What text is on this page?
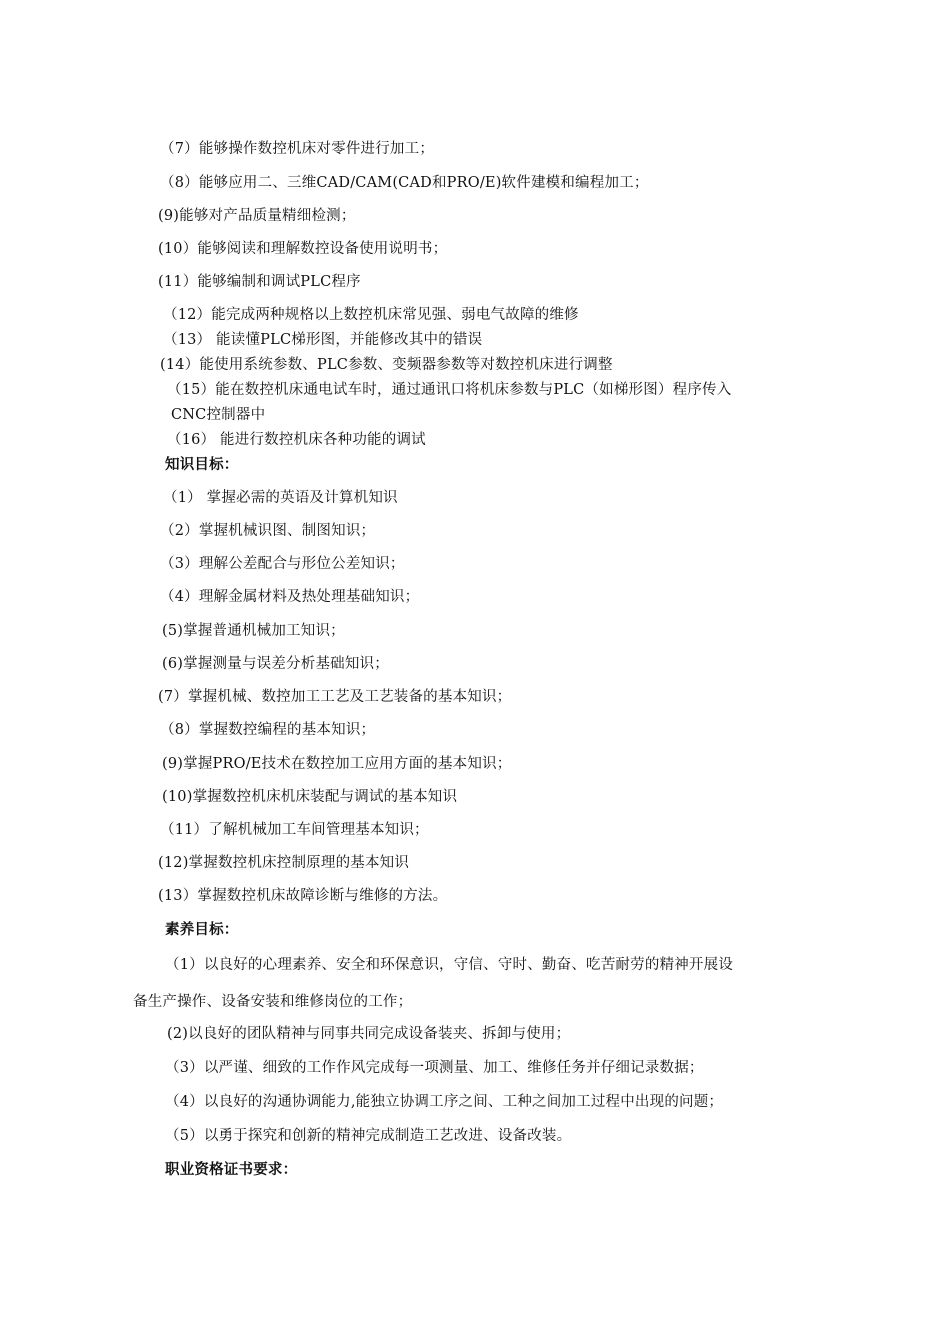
（7）能够操作数控机床对零件进行加工；
（8）能够应用二、三维CAD/CAM(CAD和PRO/E)软件建模和编程加工；
(9)能够对产品质量精细检测；
(10）能够阅读和理解数控设备使用说明书；
(11）能够编制和调试PLC程序
（12）能完成两种规格以上数控机床常见强、弱电气故障的维修
（13） 能读懂PLC梯形图，并能修改其中的错误
(14）能使用系统参数、PLC参数、变频器参数等对数控机床进行调整
（15）能在数控机床通电试车时，通过通讯口将机床参数与PLC（如梯形图）程序传入
CNC控制器中
（16） 能进行数控机床各种功能的调试
知识目标：
（1） 掌握必需的英语及计算机知识
（2）掌握机械识图、制图知识；
（3）理解公差配合与形位公差知识；
（4）理解金属材料及热处理基础知识；
(5)掌握普通机械加工知识；
(6)掌握测量与误差分析基础知识；
(7）掌握机械、数控加工工艺及工艺装备的基本知识；
（8）掌握数控编程的基本知识；
(9)掌握PRO/E技术在数控加工应用方面的基本知识；
(10)掌握数控机床机床装配与调试的基本知识
（11）了解机械加工车间管理基本知识；
(12)掌握数控机床控制原理的基本知识
(13）掌握数控机床故障诊断与维修的方法。
素养目标：
（1）以良好的心理素养、安全和环保意识，守信、守时、勤奋、吃苦耐劳的精神开展设
备生产操作、设备安装和维修岗位的工作；
(2)以良好的团队精神与同事共同完成设备装夹、拆卸与使用；
（3）以严谨、细致的工作作风完成每一项测量、加工、维修任务并仔细记录数据；
（4）以良好的沟通协调能力,能独立协调工序之间、工种之间加工过程中出现的问题；
（5）以勇于探究和创新的精神完成制造工艺改进、设备改装。
职业资格证书要求：
